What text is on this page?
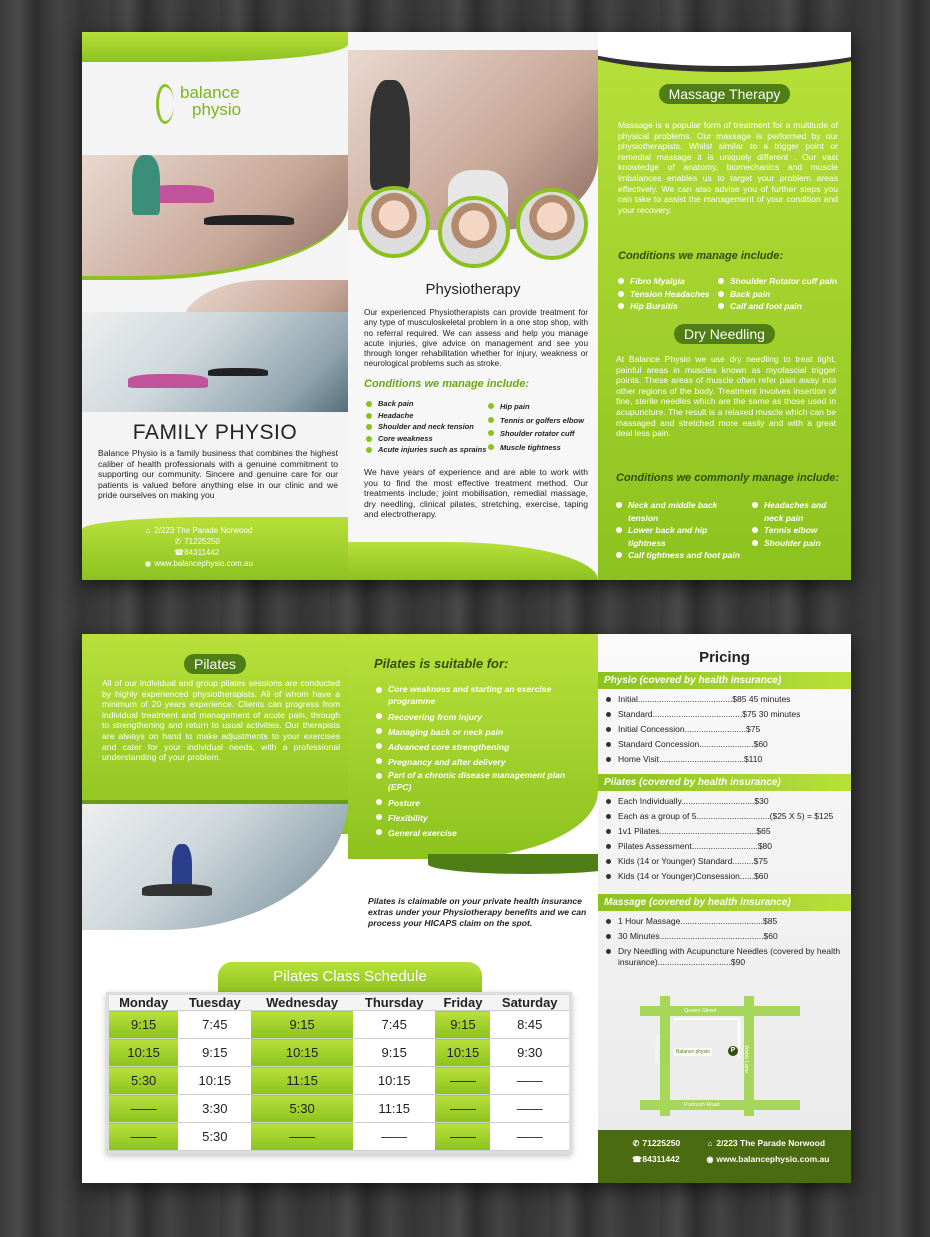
balance
physio
FAMILY PHYSIO
Balance Physio is a family business that combines the highest caliber of health professionals with a genuine commitment to supporting our community. Sincere and genuine care for our patients is valued before anything else in our clinic and we pride ourselves on making you
⌂ 2/223 The Parade Norwood
✆ 71225250
☎ 84311442
◉ www.balancephysio.com.au
Physiotherapy
Our experienced Physiotherapists can provide treatment for any type of musculoskeletal problem in a one stop shop, with no referral required. We can assess and help you manage acute injuries, give advice on management and see you through longer rehabilitation whether for injury, weakness or neurological problems such as stroke.
Conditions we manage include:
Back pain
Headache
Shoulder and neck tension
Core weakness
Acute injuries such as sprains
Hip pain
Tennis or golfers elbow
Shoulder rotator cuff
Muscle tightness
We have years of experience and are able to work with you to find the most effective treatment method. Our treatments include; joint mobilisation, remedial massage, dry needling, clinical pilates, stretching, exercise, taping and electrotherapy.
Massage Therapy
Massage is a popular form of treatment for a multitude of physical problems. Our massage is performed by our physiotherapists. Whilst similar to a trigger point or remedial massage it is uniquely different . Our vast knowledge of anatomy, biomechanics and muscle imbalances enables us to target your problem areas effectively. We can also advise you of further steps you can take to assist the management of your condition and your recovery.
Conditions we manage include:
Fibro Myalgia
Tension Headaches
Hip Bursitis
Shoulder Rotator cuff pain
Back pain
Calf and foot pain
Dry Needling
At Balance Physio we use dry needling to treat tight, painful areas in muscles known as myofascial trigger points. These areas of muscle often refer pain away into other regions of the body. Treatment involves insertion of fine, sterile needles which are the same as those used in acupuncture. The result is a relaxed muscle which can be massaged and stretched more easily and with a great deal less pain.
Conditions we commonly manage include:
Neck and middle back tension
Lower back and hip tightness
Calf tightness and foot pain
Headaches and neck pain
Tennis elbow
Shoulder pain
Pilates
All of our individual and group pilates sessions are conducted by highly experienced physiotherapists. All of whom have a minimum of 20 years experience. Clients can progress from individual treatment and management of acute pain, through to strengthening and return to usual activities. Our therapists are always on hand to make adjustments to your exercises and cater for your individual needs, with a professional understanding of your problem.
Pilates is suitable for:
Core weakness and starting an exercise programme
Recovering from injury
Managing back or neck pain
Advanced core strengthening
Pregnancy and after delivery
Part of a chronic disease management plan (EPC)
Posture
Flexibility
General exercise
Pilates is claimable on your private health insurance extras under your Physiotherapy benefits and we can process your HICAPS claim on the spot.
Pilates Class Schedule
Monday	Tuesday	Wednesday	Thursday	Friday	Saturday
9:15	7:45	9:15	7:45	9:15	8:45
10:15	9:15	10:15	9:15	10:15	9:30
5:30	10:15	11:15	10:15	——	——
——	3:30	5:30	11:15	——	——
——	5:30	——	——	——	——
Pricing
Physio (covered by health insurance)
Initial........................................$85 45 minutes
Standard......................................$75 30 minutes
Initial Concession..........................$75
Standard Concession.......................$60
Home Visit....................................$110
Pilates (covered by health insurance)
Each Individually...............................$30
Each as a group of 5...............................($25 X 5) = $125
1v1 Pilates.........................................$65
Pilates Assessment............................$80
Kids (14 or Younger) Standard.........$75
Kids (14 or Younger)Consession......$60
Massage (covered by health insurance)
1 Hour Massage...................................$85
30 Minutes............................................$60
Dry Needling with Acupuncture Needles (covered by health insurance)...............................$90
Queen Street
Portrush Road
The Parade	Webb Lane
Balance physio	P
✆ 71225250
☎ 84311442
⌂ 2/223 The Parade Norwood
◉ www.balancephysio.com.au
